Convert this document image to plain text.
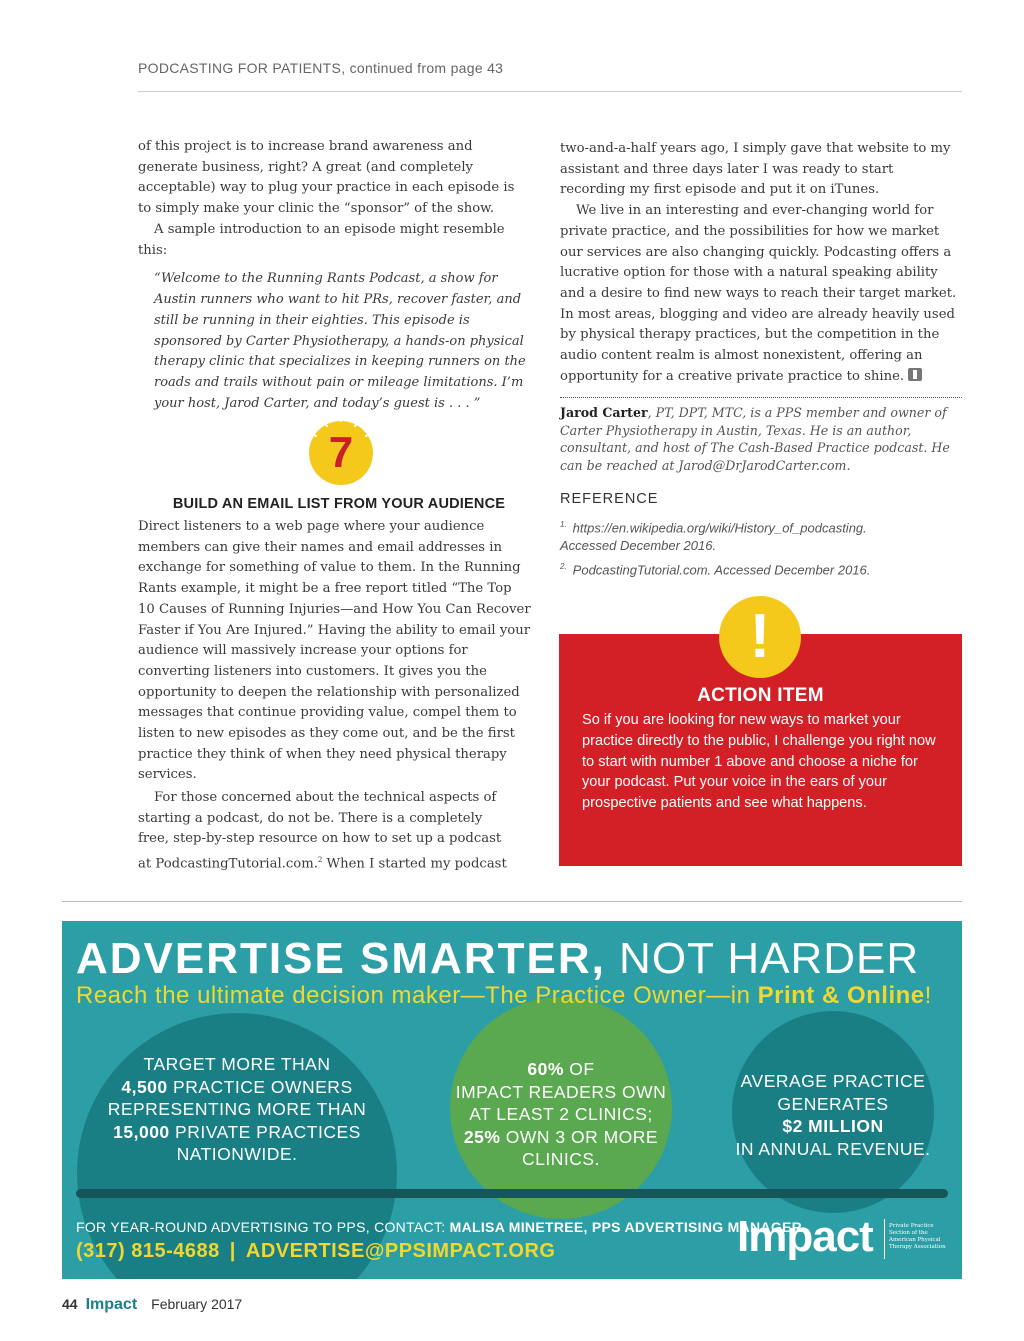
PODCASTING FOR PATIENTS, continued from page 43

of this project is to increase brand awareness and generate business, right? A great (and completely acceptable) way to plug your practice in each episode is to simply make your clinic the “sponsor” of the show.

A sample introduction to an episode might resemble this:

“Welcome to the Running Rants Podcast, a show for Austin runners who want to hit PRs, recover faster, and still be running in their eighties. This episode is sponsored by Carter Physiotherapy, a hands-on physical therapy clinic that specializes in keeping runners on the roads and trails without pain or mileage limitations. I’m your host, Jarod Carter, and today’s guest is . . . ”

7
BUILD AN EMAIL LIST FROM YOUR AUDIENCE

Direct listeners to a web page where your audience members can give their names and email addresses in exchange for something of value to them. In the Running Rants example, it might be a free report titled “The Top 10 Causes of Running Injuries—and How You Can Recover Faster if You Are Injured.” Having the ability to email your audience will massively increase your options for converting listeners into customers. It gives you the opportunity to deepen the relationship with personalized messages that continue providing value, compel them to listen to new episodes as they come out, and be the first practice they think of when they need physical therapy services.

For those concerned about the technical aspects of starting a podcast, do not be. There is a completely free, step-by-step resource on how to set up a podcast at PodcastingTutorial.com.$^2$ When I started my podcast

two-and-a-half years ago, I simply gave that website to my assistant and three days later I was ready to start recording my first episode and put it on iTunes.

We live in an interesting and ever-changing world for private practice, and the possibilities for how we market our services are also changing quickly. Podcasting offers a lucrative option for those with a natural speaking ability and a desire to find new ways to reach their target market. In most areas, blogging and video are already heavily used by physical therapy practices, but the competition in the audio content realm is almost nonexistent, offering an opportunity for a creative private practice to shine.

Jarod Carter, PT, DPT, MTC, is a PPS member and owner of Carter Physiotherapy in Austin, Texas. He is an author, consultant, and host of The Cash-Based Practice podcast. He can be reached at Jarod@DrJarodCarter.com.
REFERENCE
$^{1.}$ https://en.wikipedia.org/wiki/History_of_podcasting. Accessed December 2016.
$^{2.}$ PodcastingTutorial.com. Accessed December 2016.
!
ACTION ITEM
So if you are looking for new ways to market your practice directly to the public, I challenge you right now to start with number 1 above and choose a niche for your podcast. Put your voice in the ears of your prospective patients and see what happens.
ADVERTISE SMARTER, NOT HARDER
Reach the ultimate decision maker—The Practice Owner—in Print & Online!
TARGET MORE THAN
4,500 PRACTICE OWNERS
REPRESENTING MORE THAN
15,000 PRIVATE PRACTICES
NATIONWIDE.
60% OF
IMPACT READERS OWN
AT LEAST 2 CLINICS;
25% OWN 3 OR MORE
CLINICS.
AVERAGE PRACTICE
GENERATES
$2 MILLION
IN ANNUAL REVENUE.
FOR YEAR-ROUND ADVERTISING TO PPS, CONTACT: MALISA MINETREE, PPS ADVERTISING MANAGER
(317) 815-4688 | ADVERTISE@PPSIMPACT.ORG	Impact	Private Practice Section of the American Physical Therapy Association
44 Impact February 2017
